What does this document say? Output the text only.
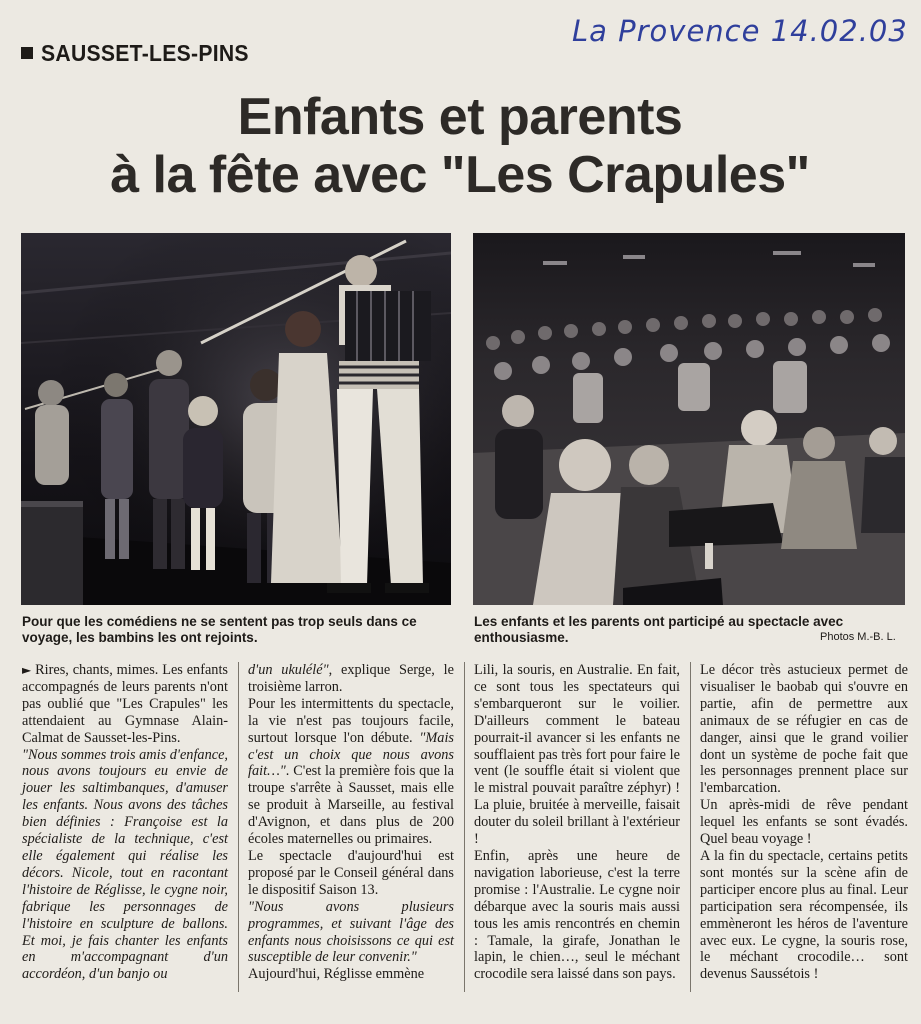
La Provence 14.02.03
SAUSSET-LES-PINS
Enfants et parents
à la fête avec "Les Crapules"
Pour que les comédiens ne se sentent pas trop seuls dans ce voyage, les bambins les ont rejoints.
Les enfants et les parents ont participé au spectacle avec enthousiasme.	Photos M.-B. L.

► Rires, chants, mimes. Les enfants accompagnés de leurs parents n'ont pas oublié que "Les Crapules" les attendaient au Gymnase Alain-Calmat de Sausset-les-Pins.

"Nous sommes trois amis d'enfance, nous avons toujours eu envie de jouer les saltimbanques, d'amuser les enfants. Nous avons des tâches bien définies : Françoise est la spécialiste de la technique, c'est elle également qui réalise les décors. Nicole, tout en racontant l'histoire de Réglisse, le cygne noir, fabrique les personnages de l'histoire en sculpture de ballons. Et moi, je fais chanter les enfants en m'accompagnant d'un accordéon, d'un banjo ou

d'un ukulélé", explique Serge, le troisième larron.

Pour les intermittents du spectacle, la vie n'est pas toujours facile, surtout lorsque l'on débute. "Mais c'est un choix que nous avons fait…". C'est la première fois que la troupe s'arrête à Sausset, mais elle se produit à Marseille, au festival d'Avignon, et dans plus de 200 écoles maternelles ou primaires.

Le spectacle d'aujourd'hui est proposé par le Conseil général dans le dispositif Saison 13.

"Nous avons plusieurs programmes, et suivant l'âge des enfants nous choisissons ce qui est susceptible de leur convenir."

Aujourd'hui, Réglisse emmène

Lili, la souris, en Australie. En fait, ce sont tous les spectateurs qui s'embarqueront sur le voilier. D'ailleurs comment le bateau pourrait-il avancer si les enfants ne soufflaient pas très fort pour faire le vent (le souffle était si violent que le mistral pouvait paraître zéphyr) ! La pluie, bruitée à merveille, faisait douter du soleil brillant à l'extérieur !

Enfin, après une heure de navigation laborieuse, c'est la terre promise : l'Australie. Le cygne noir débarque avec la souris mais aussi tous les amis rencontrés en chemin : Tamale, la girafe, Jonathan le lapin, le chien…, seul le méchant crocodile sera laissé dans son pays.

Le décor très astucieux permet de visualiser le baobab qui s'ouvre en partie, afin de permettre aux animaux de se réfugier en cas de danger, ainsi que le grand voilier dont un système de poche fait que les personnages prennent place sur l'embarcation.

Un après-midi de rêve pendant lequel les enfants se sont évadés. Quel beau voyage !

A la fin du spectacle, certains petits sont montés sur la scène afin de participer encore plus au final. Leur participation sera récompensée, ils emmèneront les héros de l'aventure avec eux. Le cygne, la souris rose, le méchant crocodile… sont devenus Saussétois !
